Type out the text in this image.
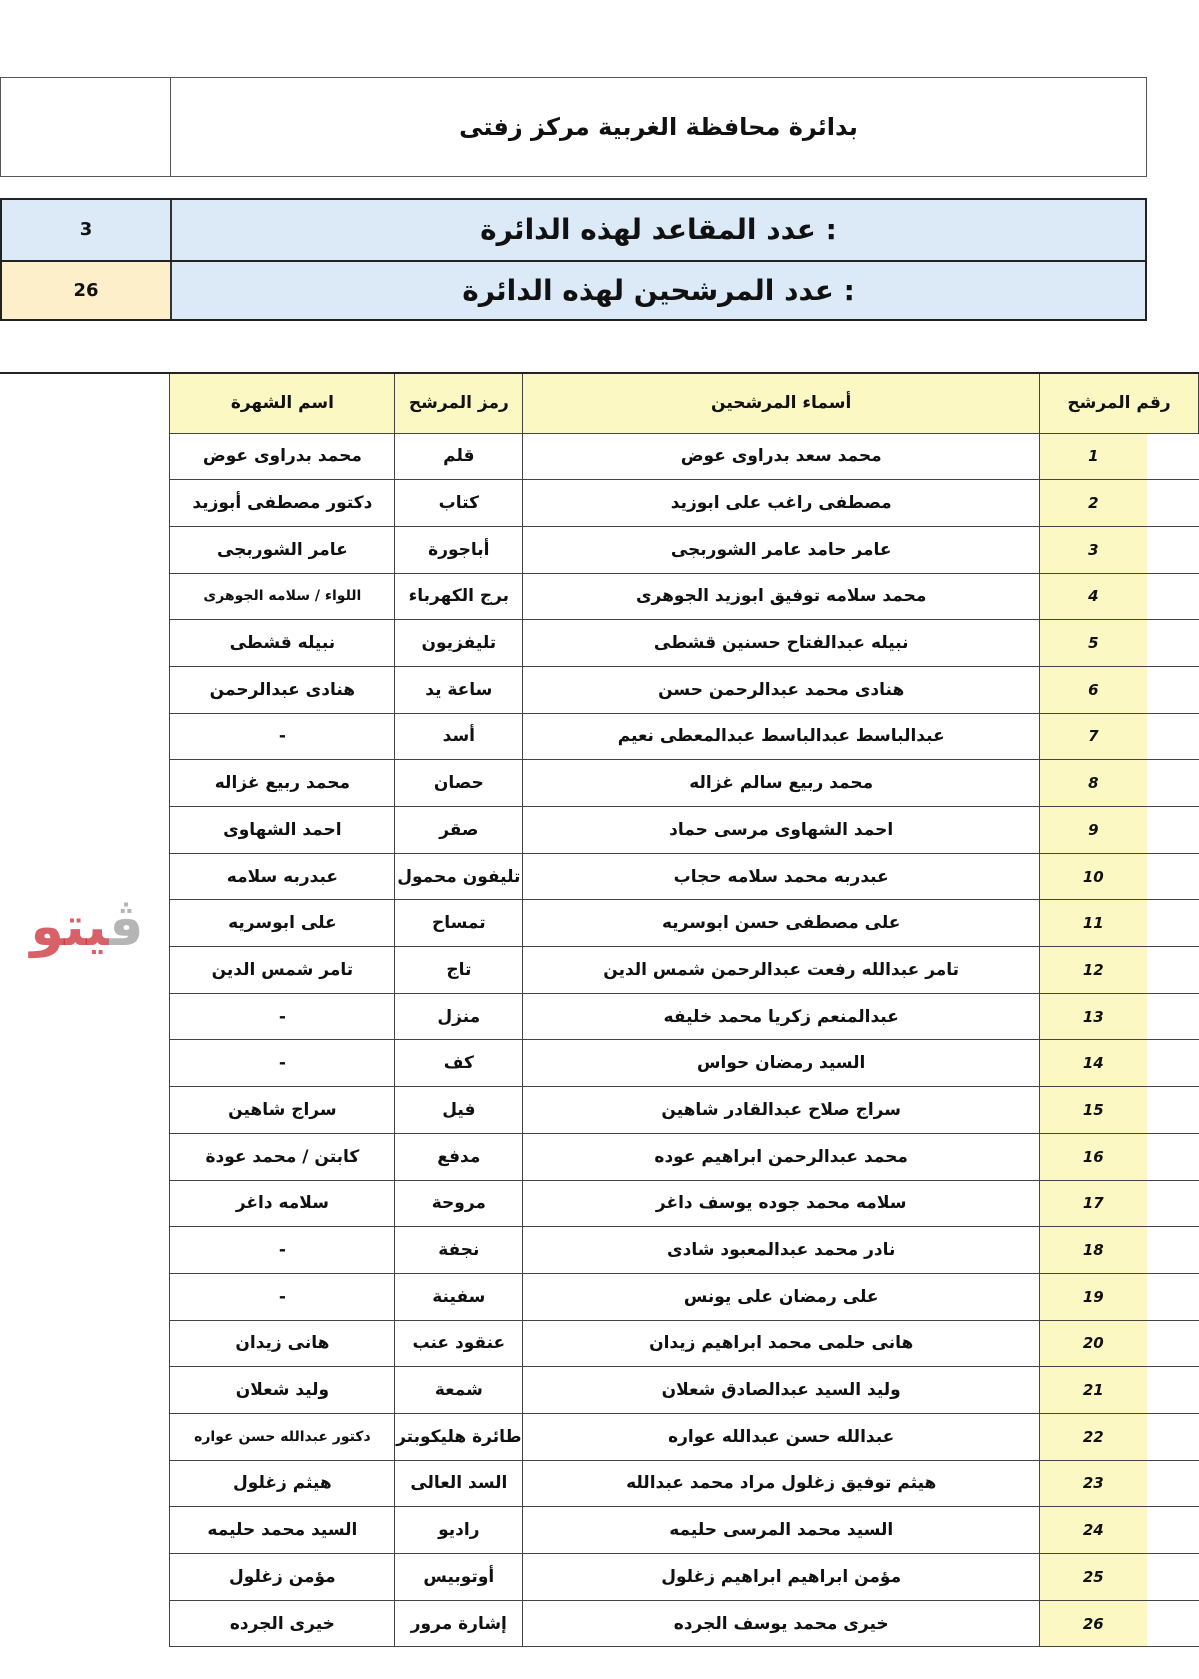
بدائرة محافظة الغربية مركز زفتى
3	عدد المقاعد لهذه الدائرة :
26	عدد المرشحين لهذه الدائرة :
رقم المرشح	أسماء المرشحين	رمز المرشح	اسم الشهرة	
1	محمد سعد بدراوى عوض	قلم	محمد بدراوى عوض	
2	مصطفى راغب على ابوزيد	كتاب	دكتور مصطفى أبوزيد	
3	عامر حامد عامر الشوربجى	أباجورة	عامر الشوربجى	
4	محمد سلامه توفيق ابوزيد الجوهرى	برج الكهرباء	اللواء / سلامه الجوهرى	
5	نبيله عبدالفتاح حسنين قشطى	تليفزيون	نبيله قشطى	
6	هنادى محمد عبدالرحمن حسن	ساعة يد	هنادى عبدالرحمن	
7	عبدالباسط عبدالباسط عبدالمعطى نعيم	أسد	-	
8	محمد ربيع سالم غزاله	حصان	محمد ربيع غزاله	
9	احمد الشهاوى مرسى حماد	صقر	احمد الشهاوى	
10	عبدربه محمد سلامه حجاب	تليفون محمول	عبدربه سلامه	
11	على مصطفى حسن ابوسريه	تمساح	على ابوسريه	
12	تامر عبدالله رفعت عبدالرحمن شمس الدين	تاج	تامر شمس الدين	
13	عبدالمنعم زكريا محمد خليفه	منزل	-	
14	السيد رمضان حواس	كف	-	
15	سراج صلاح عبدالقادر شاهين	فيل	سراج شاهين	
16	محمد عبدالرحمن ابراهيم عوده	مدفع	كابتن / محمد عودة	
17	سلامه محمد جوده يوسف داغر	مروحة	سلامه داغر	
18	نادر محمد عبدالمعبود شادى	نجفة	-	
19	على رمضان على يونس	سفينة	-	
20	هانى حلمى محمد ابراهيم زيدان	عنقود عنب	هانى زيدان	
21	وليد السيد عبدالصادق شعلان	شمعة	وليد شعلان	
22	عبدالله حسن عبدالله عواره	طائرة هليكوبتر	دكتور عبدالله حسن عواره	
23	هيثم توفيق زغلول مراد محمد عبدالله	السد العالى	هيثم زغلول	
24	السيد محمد المرسى حليمه	راديو	السيد محمد حليمه	
25	مؤمن ابراهيم ابراهيم زغلول	أوتوبيس	مؤمن زغلول	
26	خيرى محمد يوسف الجرده	إشارة مرور	خيرى الجرده	
ڤيتو
